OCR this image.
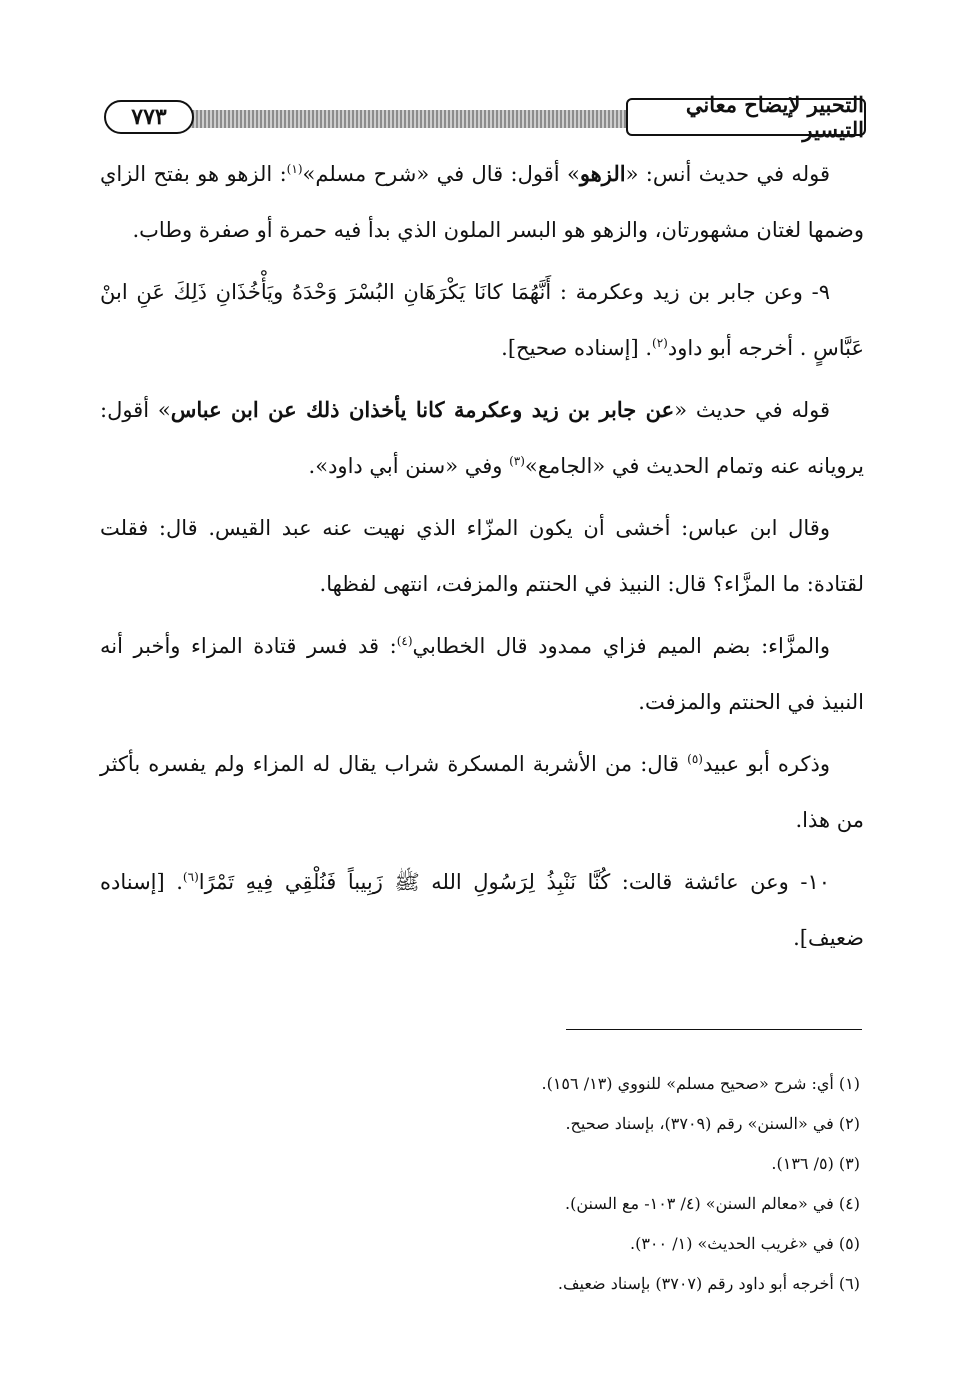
٧٧٣	التحبير لإيضاح معاني التيسير

قوله في حديث أنس: «الزهو» أقول: قال في «شرح مسلم»$^{(١)}$: الزهو هو بفتح الزاي وضمها لغتان مشهورتان، والزهو هو البسر الملون الذي بدأ فيه حمرة أو صفرة وطاب.

٩- وعن جابر بن زيد وعكرمة : أَنَّهُمَا كانَا يَكْرَهَانِ البُسْرَ وَحْدَهُ ويَأْخُذَانِ ذَلِكَ عَنِ ابنْ عَبَّاسٍ . أخرجه أبو داود$^{(٢)}$. [إسناده صحيح].

قوله في حديث «عن جابر بن زيد وعكرمة كانا يأخذان ذلك عن ابن عباس» أقول: يرويانه عنه وتمام الحديث في «الجامع»$^{(٣)}$ وفي «سنن أبي داود».

وقال ابن عباس: أخشى أن يكون المزّاء الذي نهيت عنه عبد القيس. قال: فقلت لقتادة: ما المزَّاء؟ قال: النبيذ في الحنتم والمزفت، انتهى لفظها.

والمزَّاء: بضم الميم فزاي ممدود قال الخطابي$^{(٤)}$: قد فسر قتادة المزاء وأخبر أنه النبيذ في الحنتم والمزفت.

وذكره أبو عبيد$^{(٥)}$ قال: من الأشربة المسكرة شراب يقال له المزاء ولم يفسره بأكثر من هذا.

١٠- وعن عائشة قالت: كُنَّا نَنْبِذُ لِرَسُولِ الله ﷺ زَبِيباً فَنُلْقِي فِيهِ تَمْرًا$^{(٦)}$. [إسناده ضعيف].

(١) أي: شرح «صحيح مسلم» للنووي (١٣/ ١٥٦).

(٢) في «السنن» رقم (٣٧٠٩)، بإسناد صحيح.

(٣) (٥/ ١٣٦).

(٤) في «معالم السنن» (٤/ ١٠٣- مع السنن).

(٥) في «غريب الحديث» (١/ ٣٠٠).

(٦) أخرجه أبو داود رقم (٣٧٠٧) بإسناد ضعيف.
